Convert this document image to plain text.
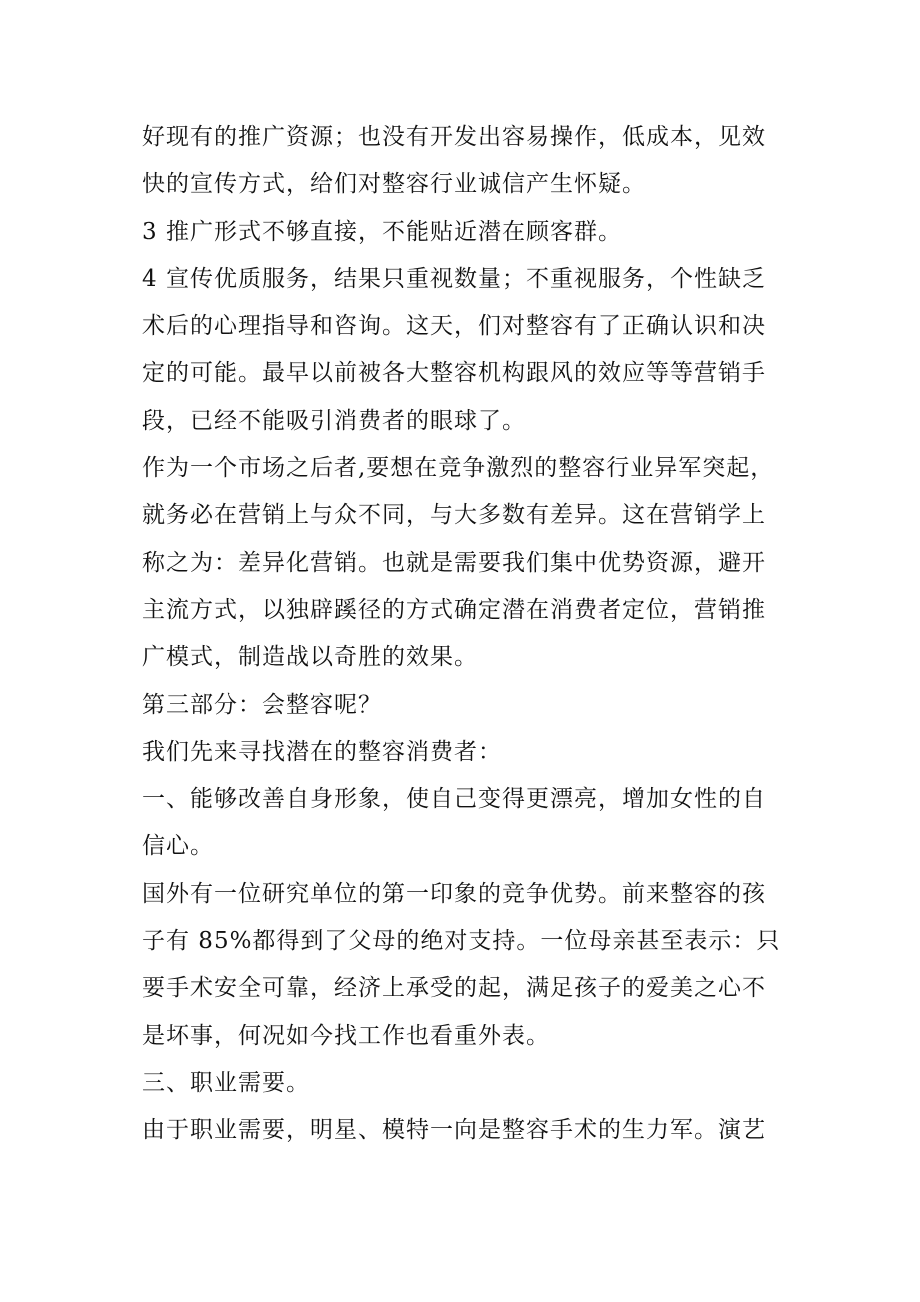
好现有的推广资源；也没有开发出容易操作，低成本，见效
快的宣传方式，给们对整容行业诚信产生怀疑。
3 推广形式不够直接，不能贴近潜在顾客群。
4 宣传优质服务，结果只重视数量；不重视服务，个性缺乏
术后的心理指导和咨询。这天，们对整容有了正确认识和决
定的可能。最早以前被各大整容机构跟风的效应等等营销手
段，已经不能吸引消费者的眼球了。
作为一个市场之后者,要想在竞争激烈的整容行业异军突起，
就务必在营销上与众不同，与大多数有差异。这在营销学上
称之为：差异化营销。也就是需要我们集中优势资源，避开
主流方式，以独辟蹊径的方式确定潜在消费者定位，营销推
广模式，制造战以奇胜的效果。
第三部分：会整容呢？
我们先来寻找潜在的整容消费者：
一、能够改善自身形象，使自己变得更漂亮，增加女性的自
信心。
国外有一位研究单位的第一印象的竞争优势。前来整容的孩
子有 85%都得到了父母的绝对支持。一位母亲甚至表示：只
要手术安全可靠，经济上承受的起，满足孩子的爱美之心不
是坏事，何况如今找工作也看重外表。
三、职业需要。
由于职业需要，明星、模特一向是整容手术的生力军。演艺
